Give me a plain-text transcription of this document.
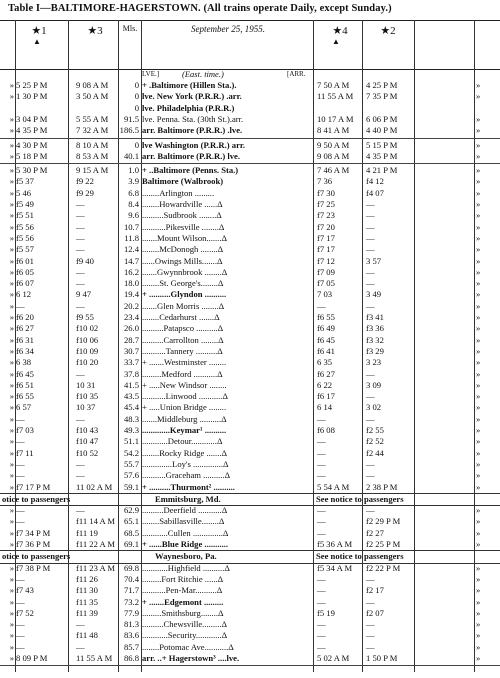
Table I—BALTIMORE-HAGERSTOWN. (All trains operate Daily, except Sunday.)
★1
▲
★3	Mls.	September 25, 1955.	★4
▲
★2
LVE.]	(East. time.)	[ARR.
» 5 25 P M	9 08 A M	0 + .Baltimore (Hillen Sta.).	7 50 A M	4 25 P M	»
» 1 30 P M	3 50 A M	0 lve. New York (P.R.R.) .arr.	11 55 A M	7 35 P M	»
0 lve. Philadelphia (P.R.R.)
» 3 04 P M	5 55 A M	91.5 lve. Penna. Sta. (30th St.).arr.	10 17 A M	6 06 P M	»
» 4 35 P M	7 32 A M	186.5 arr. Baltimore (P.R.R.) .lve.	8 41 A M	4 40 P M	»
» 4 30 P M	8 10 A M	0 lve Washington (P.R.R.) arr.	9 50 A M	5 15 P M	»
» 5 18 P M	8 53 A M	40.1 arr. Baltimore (P.R.R.) lve.	9 08 A M	4 35 P M	»
» 5 30 P M	9 15 A M	1.0 + ..Baltimore (Penns. Sta.)	7 46 A M	4 21 P M	»
» f5 37	f9 22	3.9 Baltimore (Walbrook)	7 36	f4 12	»
» 5 46	f9 29	6.8 ........Arlington .........	f7 30	f4 07	»
» f5 49	—	8.4 ........Howardville ......Δ	f7 25	—	»
» f5 51	—	9.6 ..........Sudbrook ........Δ	f7 23	—	»
» f5 56	—	10.7 ...........Pikesville ........Δ	f7 20	—	»
» f5 56	—	11.8 .......Mount Wilson.......Δ	f7 17	—	»
» f5 57	—	12.4 ........McDonogh ........Δ	f7 17	—	»
» f6 01	f9 40	14.7 ......Owings Mills.......Δ	f7 12	3 57	»
» f6 05	—	16.2 .......Gwynnbrook ........Δ	f7 09	—	»
» f6 07	—	18.0 ........St. George's........Δ	f7 05	—	»
» 6 12	9 47	19.4 + ..........Glyndon ..........	7 03	3 49	»
» —	—	20.2 .......Glen Morris ........Δ	—	—	»
» f6 20	f9 55	23.4 ........Cedarhurst .......Δ	f6 55	f3 41	»
» f6 27	f10 02	26.0 ..........Patapsco ..........Δ	f6 49	f3 36	»
» f6 31	f10 06	28.7 ..........Carrollton ........Δ	f6 45	f3 32	»
» f6 34	f10 09	30.7 ...........Tannery ..........Δ	f6 41	f3 29	»
» 6 38	f10 20	33.7 + .......Westminster ........	6 35	3 23	»
» f6 45	—	37.8 .........Medford ...........Δ	f6 27	—	»
» f6 51	10 31	41.5 + .....New Windsor ........	6 22	3 09	»
» f6 55	f10 35	43.5 ...........Linwood ...........Δ	f6 17	—	»
» 6 57	10 37	45.4 + .....Union Bridge ........	6 14	3 02	»
» —	—	48.3 .......Middleburg ..........Δ	—	—	»
» f7 03	f10 43	49.3 .............Keymar¹ ..........	f6 08	f2 55	»
» —	f10 47	51.1 ............Detour............Δ	—	f2 52	»
» f7 11	f10 52	54.2 ........Rocky Ridge .......Δ	—	f2 44	»
» —	—	55.7 ..............Loy's ..............Δ	—	—	»
» —	—	57.6 ...........Graceham ..........Δ	—	—	»
» f7 17 P M	11 02 A M	59.1 + ..........Thurmont² ..........	5 54 A M	2 38 P M	»
otice to passengers	Emmitsburg, Md.	See notice to passengers
» —	—	62.9 ..........Deerfield ...........Δ	—	—	»
» —	f11 14 A M	65.1 ........Sabillasville........Δ	—	f2 29 P M	»
» f7 34 P M	f11 19	68.5 ............Cullen ..............Δ	—	f2 27	»
» f7 36 P M	f11 22 A M	69.1 + ......Blue Ridge ...........	f5 36 A M	f2 25 P M	»
otice to passengers	Waynesboro, Pa.	See notice to passengers
» f7 38 P M	f11 23 A M	69.8 ............Highfield ..........Δ	f5 34 A M	f2 22 P M	»
» —	f11 26	70.4 .........Fort Ritchie ......Δ	—	—	»
» f7 43	f11 30	71.7 ...........Pen-Mar..........Δ	—	f2 17	»
» —	f11 35	73.2 + .......Edgemont .........	—	—	»
» f7 52	f11 39	77.9 .........Smithsburg........Δ	f5 19	f2 07	»
» —	—	81.3 ..........Chewsville.........Δ	—	—	»
» —	f11 48	83.6 ............Security............Δ	—	—	»
» —	—	85.7 ........Potomac Ave...........Δ	—	—	»
» 8 09 P M	11 55 A M	86.8 arr. ..+ Hagerstown³ ....lve.	5 02 A M	1 50 P M	»
